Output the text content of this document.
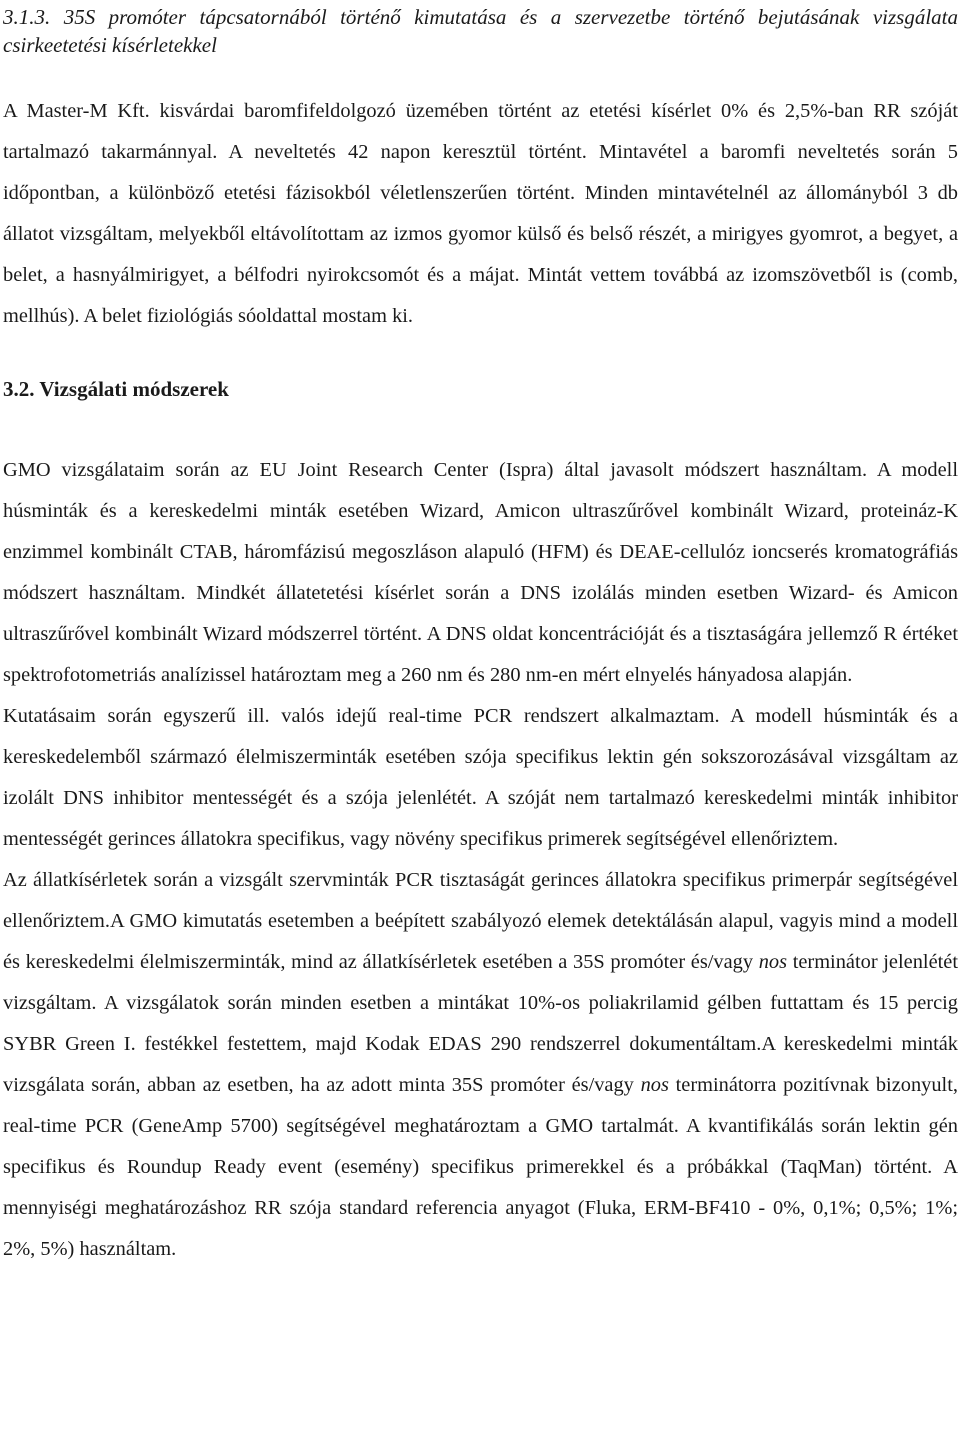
3.1.3. 35S promóter tápcsatornából történő kimutatása és a szervezetbe történő bejutásának vizsgálata csirkeetetési kísérletekkel

A Master-M Kft. kisvárdai baromfifeldolgozó üzemében történt az etetési kísérlet 0% és 2,5%-ban RR szóját tartalmazó takarmánnyal. A neveltetés 42 napon keresztül történt. Mintavétel a baromfi neveltetés során 5 időpontban, a különböző etetési fázisokból véletlenszerűen történt. Minden mintavételnél az állományból 3 db állatot vizsgáltam, melyekből eltávolítottam az izmos gyomor külső és belső részét, a mirigyes gyomrot, a begyet, a belet, a hasnyálmirigyet, a bélfodri nyirokcsomót és a májat. Mintát vettem továbbá az izomszövetből is (comb, mellhús). A belet fiziológiás sóoldattal mostam ki.

3.2. Vizsgálati módszerek

GMO vizsgálataim során az EU Joint Research Center (Ispra) által javasolt módszert használtam. A modell húsminták és a kereskedelmi minták esetében Wizard, Amicon ultraszűrővel kombinált Wizard, proteináz-K enzimmel kombinált CTAB, háromfázisú megoszláson alapuló (HFM) és DEAE-cellulóz ioncserés kromatográfiás módszert használtam. Mindkét állatetetési kísérlet során a DNS izolálás minden esetben Wizard- és Amicon ultraszűrővel kombinált Wizard módszerrel történt. A DNS oldat koncentrációját és a tisztaságára jellemző R értéket spektrofotometriás analízissel határoztam meg a 260 nm és 280 nm-en mért elnyelés hányadosa alapján.

Kutatásaim során egyszerű ill. valós idejű real-time PCR rendszert alkalmaztam. A modell húsminták és a kereskedelemből származó élelmiszerminták esetében szója specifikus lektin gén sokszorozásával vizsgáltam az izolált DNS inhibitor mentességét és a szója jelenlétét. A szóját nem tartalmazó kereskedelmi minták inhibitor mentességét gerinces állatokra specifikus, vagy növény specifikus primerek segítségével ellenőriztem.

Az állatkísérletek során a vizsgált szervminták PCR tisztaságát gerinces állatokra specifikus primerpár segítségével ellenőriztem.A GMO kimutatás esetemben a beépített szabályozó elemek detektálásán alapul, vagyis mind a modell és kereskedelmi élelmiszerminták, mind az állatkísérletek esetében a 35S promóter és/vagy nos terminátor jelenlétét vizsgáltam. A vizsgálatok során minden esetben a mintákat 10%-os poliakrilamid gélben futtattam és 15 percig SYBR Green I. festékkel festettem, majd Kodak EDAS 290 rendszerrel dokumentáltam.A kereskedelmi minták vizsgálata során, abban az esetben, ha az adott minta 35S promóter és/vagy nos terminátorra pozitívnak bizonyult, real-time PCR (GeneAmp 5700) segítségével meghatároztam a GMO tartalmát. A kvantifikálás során lektin gén specifikus és Roundup Ready event (esemény) specifikus primerekkel és a próbákkal (TaqMan) történt. A mennyiségi meghatározáshoz RR szója standard referencia anyagot (Fluka, ERM-BF410 - 0%, 0,1%; 0,5%; 1%; 2%, 5%) használtam.
